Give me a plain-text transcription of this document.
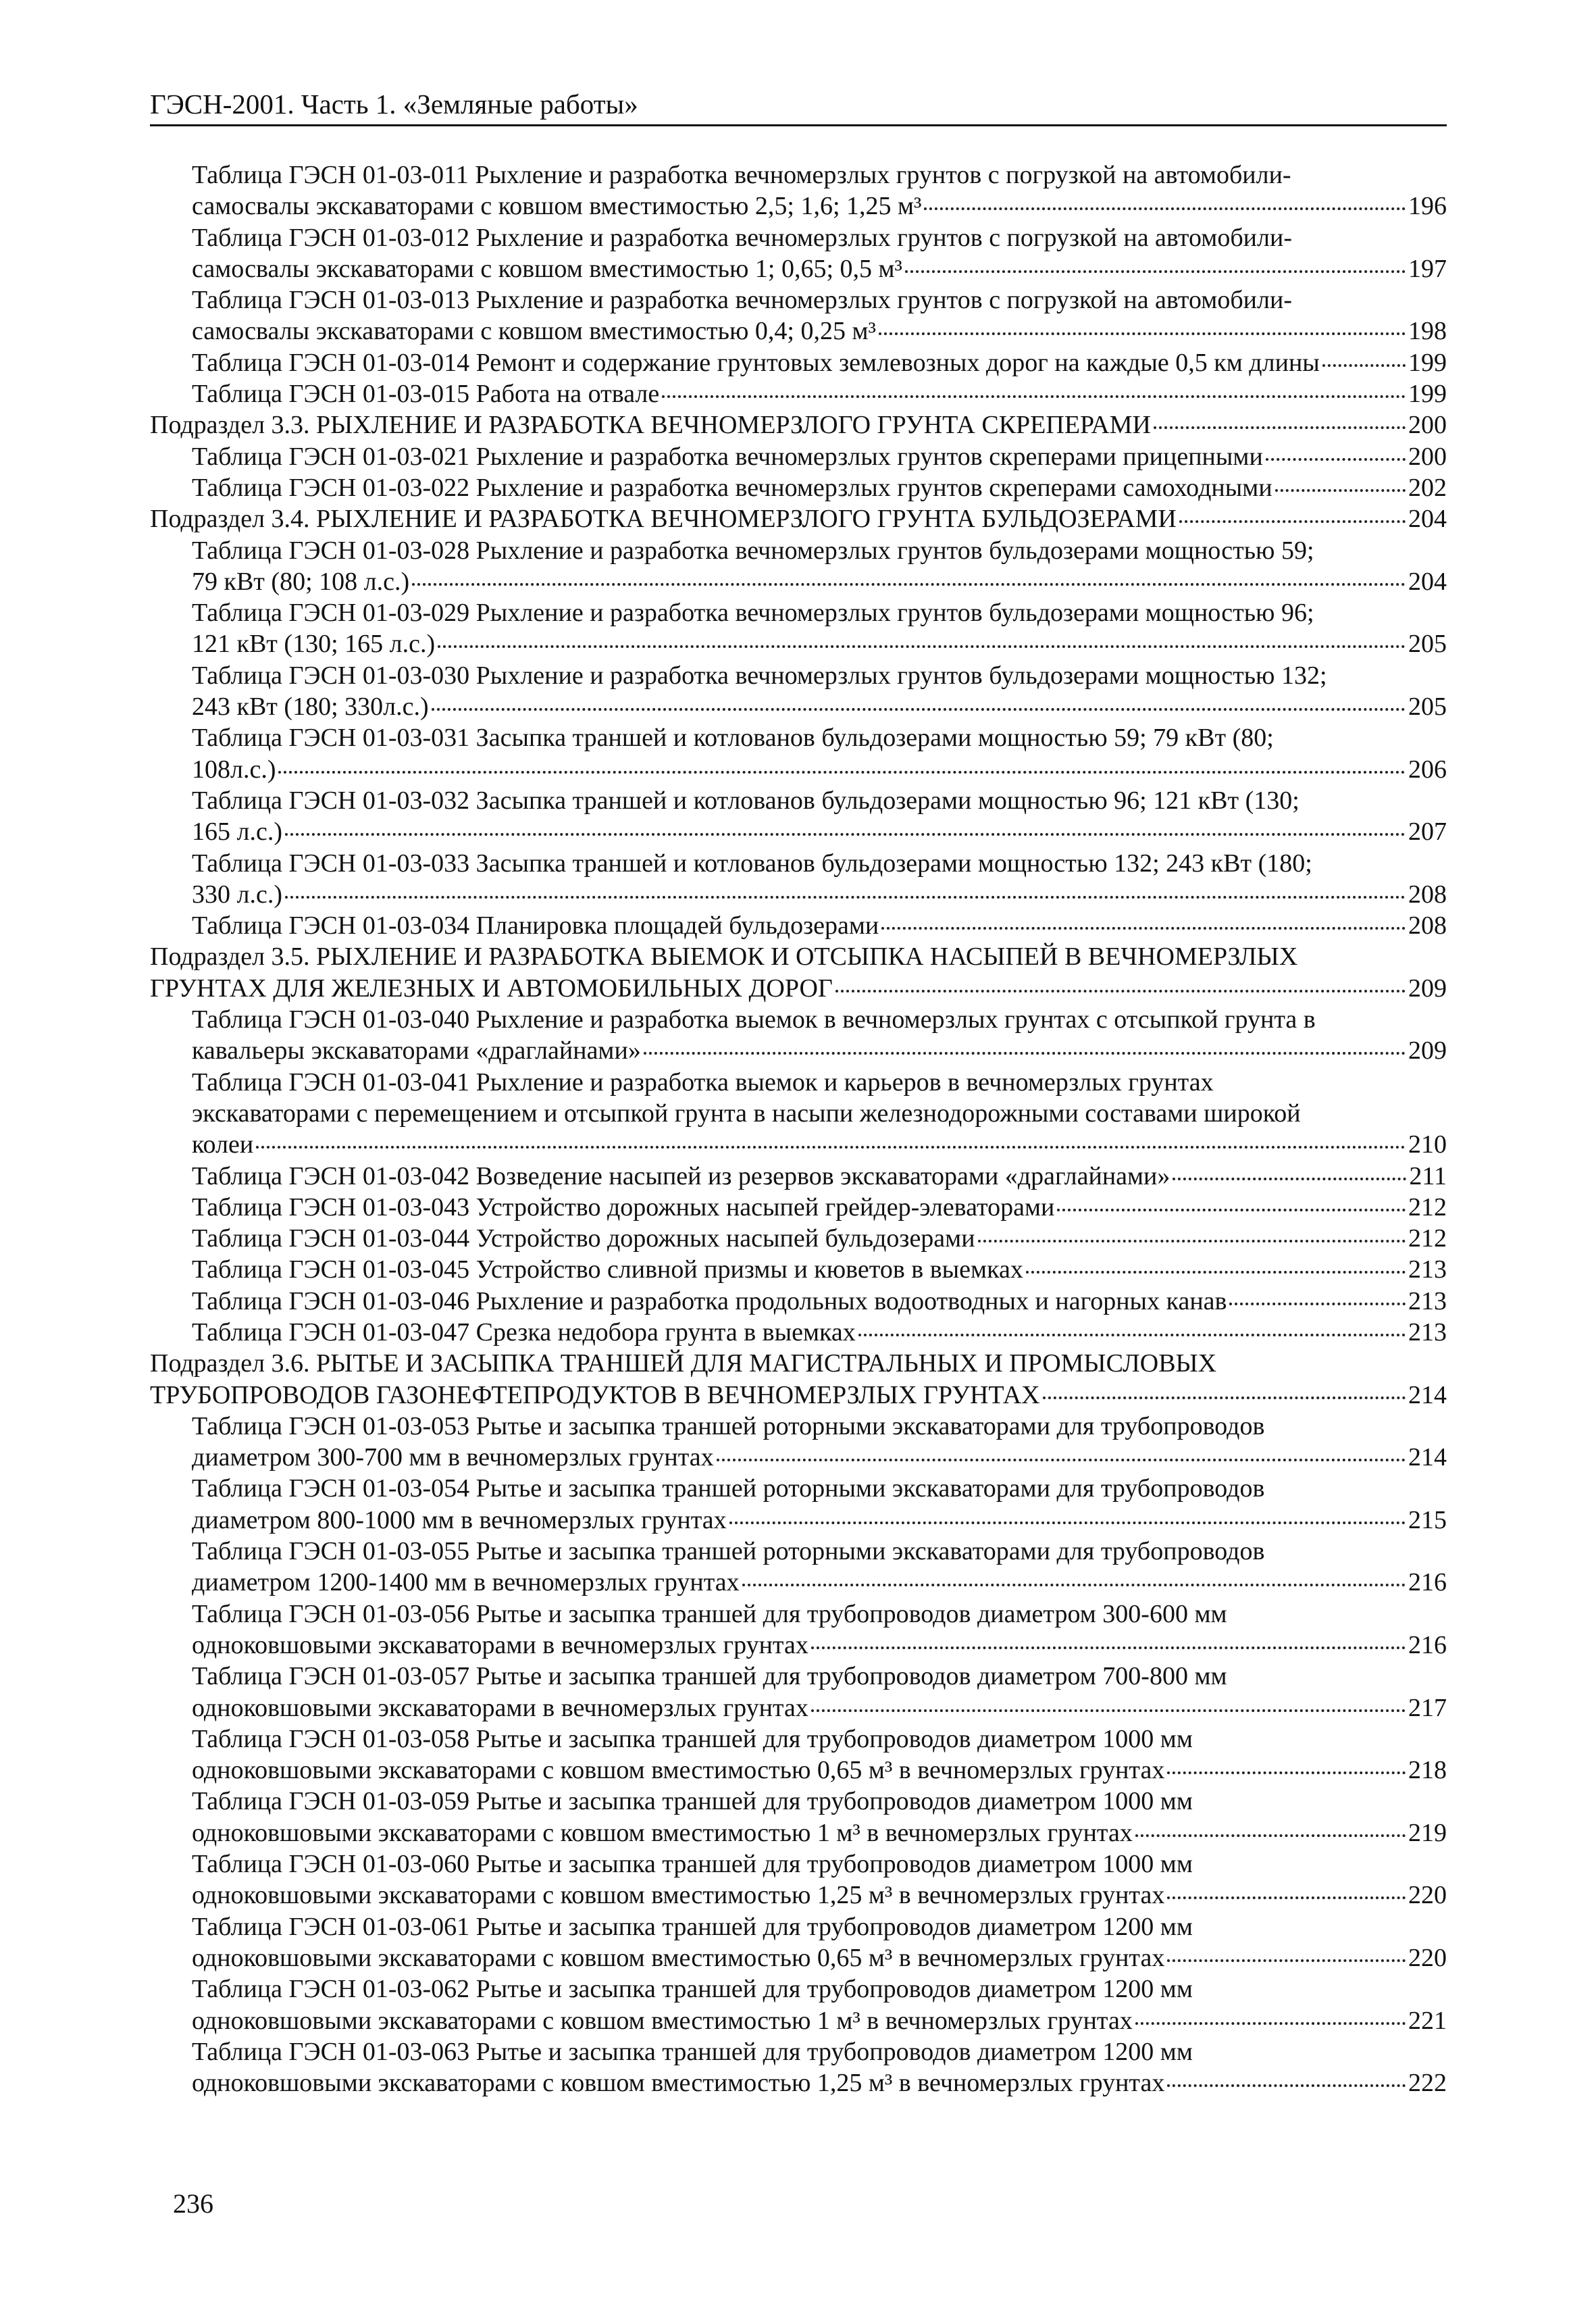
ГЭСН-2001. Часть 1. «Земляные работы»
Таблица ГЭСН 01-03-011 Рыхление и разработка вечномерзлых грунтов с погрузкой на автомобили-
самосвалы экскаваторами с ковшом вместимостью 2,5; 1,6; 1,25 м³	196
Таблица ГЭСН 01-03-012 Рыхление и разработка вечномерзлых грунтов с погрузкой на автомобили-
самосвалы экскаваторами с ковшом вместимостью 1; 0,65; 0,5 м³	197
Таблица ГЭСН 01-03-013 Рыхление и разработка вечномерзлых грунтов с погрузкой на автомобили-
самосвалы экскаваторами с ковшом вместимостью 0,4; 0,25 м³	198
Таблица ГЭСН 01-03-014 Ремонт и содержание грунтовых землевозных дорог на каждые 0,5 км длины	199
Таблица ГЭСН 01-03-015 Работа на отвале	199
Подраздел 3.3. РЫХЛЕНИЕ И РАЗРАБОТКА ВЕЧНОМЕРЗЛОГО ГРУНТА СКРЕПЕРАМИ	200
Таблица ГЭСН 01-03-021 Рыхление и разработка вечномерзлых грунтов скреперами прицепными	200
Таблица ГЭСН 01-03-022 Рыхление и разработка вечномерзлых грунтов скреперами самоходными	202
Подраздел 3.4. РЫХЛЕНИЕ И РАЗРАБОТКА ВЕЧНОМЕРЗЛОГО ГРУНТА БУЛЬДОЗЕРАМИ	204
Таблица ГЭСН 01-03-028 Рыхление и разработка вечномерзлых грунтов бульдозерами мощностью 59;
79 кВт (80; 108 л.с.)	204
Таблица ГЭСН 01-03-029 Рыхление и разработка вечномерзлых грунтов бульдозерами мощностью 96;
121 кВт (130; 165 л.с.)	205
Таблица ГЭСН 01-03-030 Рыхление и разработка вечномерзлых грунтов бульдозерами мощностью 132;
243 кВт (180; 330л.с.)	205
Таблица ГЭСН 01-03-031 Засыпка траншей и котлованов бульдозерами мощностью 59; 79 кВт (80;
108л.с.)	206
Таблица ГЭСН 01-03-032 Засыпка траншей и котлованов бульдозерами мощностью 96; 121 кВт (130;
165 л.с.)	207
Таблица ГЭСН 01-03-033 Засыпка траншей и котлованов бульдозерами мощностью 132; 243 кВт (180;
330 л.с.)	208
Таблица ГЭСН 01-03-034 Планировка площадей бульдозерами	208
Подраздел 3.5. РЫХЛЕНИЕ И РАЗРАБОТКА ВЫЕМОК И ОТСЫПКА НАСЫПЕЙ В ВЕЧНОМЕРЗЛЫХ
ГРУНТАХ ДЛЯ ЖЕЛЕЗНЫХ И АВТОМОБИЛЬНЫХ ДОРОГ	209
Таблица ГЭСН 01-03-040 Рыхление и разработка выемок в вечномерзлых грунтах с отсыпкой грунта в
кавальеры экскаваторами «драглайнами»	209
Таблица ГЭСН 01-03-041 Рыхление и разработка выемок и карьеров в вечномерзлых грунтах
экскаваторами с перемещением и отсыпкой грунта в насыпи железнодорожными составами широкой
колеи	210
Таблица ГЭСН 01-03-042 Возведение насыпей из резервов экскаваторами «драглайнами»	211
Таблица ГЭСН 01-03-043 Устройство дорожных насыпей грейдер-элеваторами	212
Таблица ГЭСН 01-03-044 Устройство дорожных насыпей бульдозерами	212
Таблица ГЭСН 01-03-045 Устройство сливной призмы и кюветов в выемках	213
Таблица ГЭСН 01-03-046 Рыхление и разработка продольных водоотводных и нагорных канав	213
Таблица ГЭСН 01-03-047 Срезка недобора грунта в выемках	213
Подраздел 3.6. РЫТЬЕ И ЗАСЫПКА ТРАНШЕЙ ДЛЯ МАГИСТРАЛЬНЫХ И ПРОМЫСЛОВЫХ
ТРУБОПРОВОДОВ ГАЗОНЕФТЕПРОДУКТОВ В ВЕЧНОМЕРЗЛЫХ ГРУНТАХ	214
Таблица ГЭСН 01-03-053 Рытье и засыпка траншей роторными экскаваторами для трубопроводов
диаметром 300-700 мм в вечномерзлых грунтах	214
Таблица ГЭСН 01-03-054 Рытье и засыпка траншей роторными экскаваторами для трубопроводов
диаметром 800-1000 мм в вечномерзлых грунтах	215
Таблица ГЭСН 01-03-055 Рытье и засыпка траншей роторными экскаваторами для трубопроводов
диаметром 1200-1400 мм в вечномерзлых грунтах	216
Таблица ГЭСН 01-03-056 Рытье и засыпка траншей для трубопроводов диаметром 300-600 мм
одноковшовыми экскаваторами в вечномерзлых грунтах	216
Таблица ГЭСН 01-03-057 Рытье и засыпка траншей для трубопроводов диаметром 700-800 мм
одноковшовыми экскаваторами в вечномерзлых грунтах	217
Таблица ГЭСН 01-03-058 Рытье и засыпка траншей для трубопроводов диаметром 1000 мм
одноковшовыми экскаваторами с ковшом вместимостью 0,65 м³ в вечномерзлых грунтах	218
Таблица ГЭСН 01-03-059 Рытье и засыпка траншей для трубопроводов диаметром 1000 мм
одноковшовыми экскаваторами с ковшом вместимостью 1 м³ в вечномерзлых грунтах	219
Таблица ГЭСН 01-03-060 Рытье и засыпка траншей для трубопроводов диаметром 1000 мм
одноковшовыми экскаваторами с ковшом вместимостью 1,25 м³ в вечномерзлых грунтах	220
Таблица ГЭСН 01-03-061 Рытье и засыпка траншей для трубопроводов диаметром 1200 мм
одноковшовыми экскаваторами с ковшом вместимостью 0,65 м³ в вечномерзлых грунтах	220
Таблица ГЭСН 01-03-062 Рытье и засыпка траншей для трубопроводов диаметром 1200 мм
одноковшовыми экскаваторами с ковшом вместимостью 1 м³ в вечномерзлых грунтах	221
Таблица ГЭСН 01-03-063 Рытье и засыпка траншей для трубопроводов диаметром 1200 мм
одноковшовыми экскаваторами с ковшом вместимостью 1,25 м³ в вечномерзлых грунтах	222
236
